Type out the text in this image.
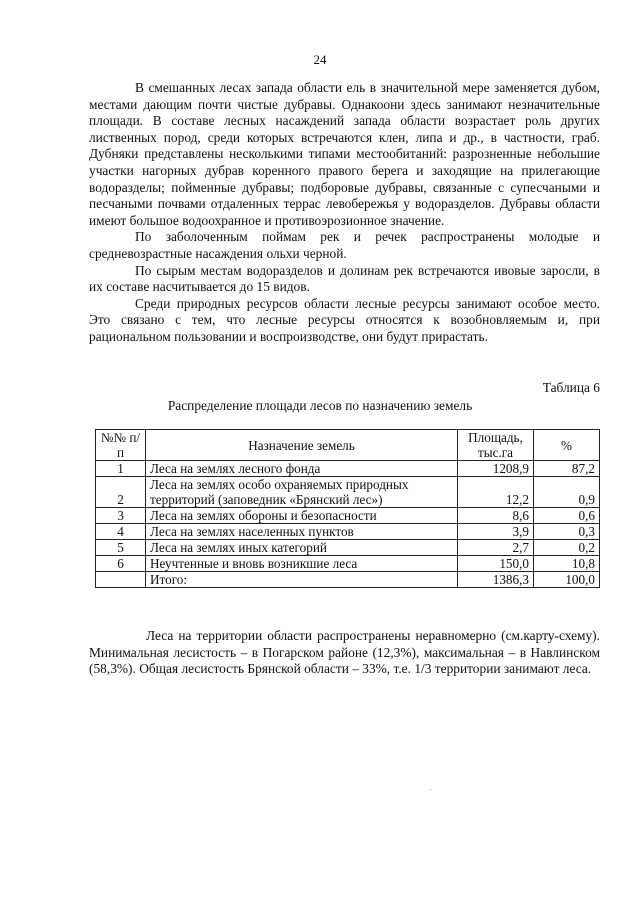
24

В смешанных лесах запада области ель в значительной мере заменяется дубом, местами дающим почти чистые дубравы. Однакоони здесь занимают незначительные площади. В составе лесных насаждений запада области возрастает роль других лиственных пород, среди которых встречаются клен, липа и др., в частности, граб. Дубняки представлены несколькими типами местообитаний: разрозненные небольшие участки нагорных дубрав коренного правого берега и заходящие на прилегающие водоразделы; пойменные дубравы; подборовые дубравы, связанные с супесчаными и песчаными почвами отдаленных террас левобережья у водоразделов. Дубравы области имеют большое водоохранное и противоэрозионное значение.

По заболоченным поймам рек и речек распространены молодые и средневозрастные насаждения ольхи черной.

По сырым местам водоразделов и долинам рек встречаются ивовые заросли, в их составе насчитывается до 15 видов.

Среди природных ресурсов области лесные ресурсы занимают особое место. Это связано с тем, что лесные ресурсы относятся к возобновляемым и, при рациональном пользовании и воспроизводстве, они будут прирастать.

Таблица 6
Распределение площади лесов по назначению земель
№№ п/п	Назначение земель	Площадь, тыс.га	%
1	Леса на землях лесного фонда	1208,9	87,2
2	Леса на землях особо охраняемых природных территорий (заповедник «Брянский лес»)	12,2	0,9
3	Леса на землях обороны и безопасности	8,6	0,6
4	Леса на землях населенных пунктов	3,9	0,3
5	Леса на землях иных категорий	2,7	0,2
6	Неучтенные и вновь возникшие леса	150,0	10,8
	Итого:	1386,3	100,0

Леса на территории области распространены неравномерно (см.карту-схему). Минимальная лесистость – в Погарском районе (12,3%), максимальная – в Навлинском (58,3%). Общая лесистость Брянской области – 33%, т.е. 1/3 территории занимают леса.
